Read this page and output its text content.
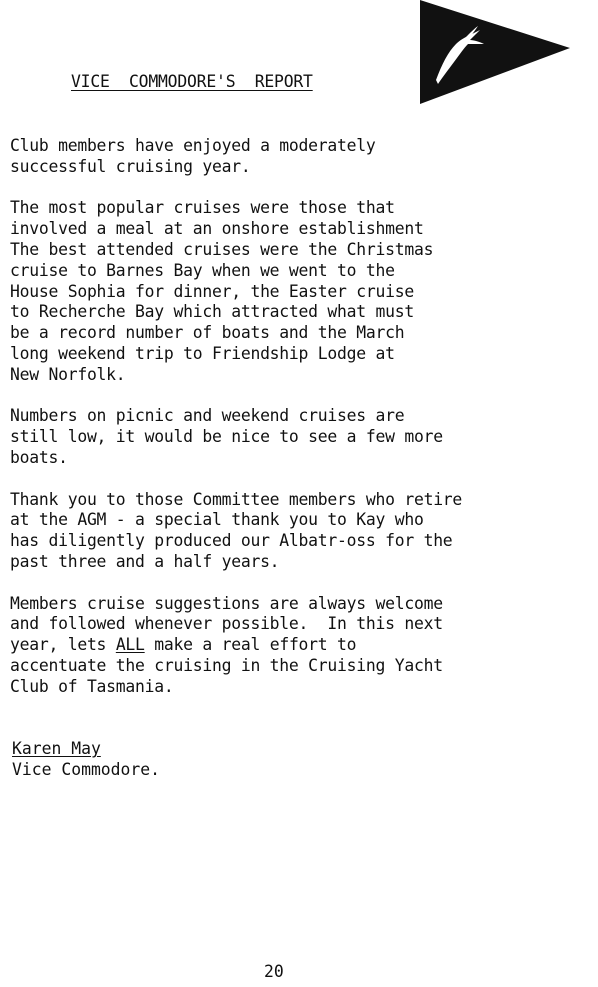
VICE  COMMODORE'S  REPORT
Club members have enjoyed a moderately
successful cruising year.
The most popular cruises were those that
involved a meal at an onshore establishment
The best attended cruises were the Christmas
cruise to Barnes Bay when we went to the
House Sophia for dinner, the Easter cruise
to Recherche Bay which attracted what must
be a record number of boats and the March
long weekend trip to Friendship Lodge at
New Norfolk.
Numbers on picnic and weekend cruises are
still low, it would be nice to see a few more
boats.
Thank you to those Committee members who retire
at the AGM - a special thank you to Kay who
has diligently produced our Albatr-oss for the
past three and a half years.
Members cruise suggestions are always welcome
and followed whenever possible.  In this next
year, lets ALL make a real effort to
accentuate the cruising in the Cruising Yacht
Club of Tasmania.
Karen May
Vice Commodore.
20
